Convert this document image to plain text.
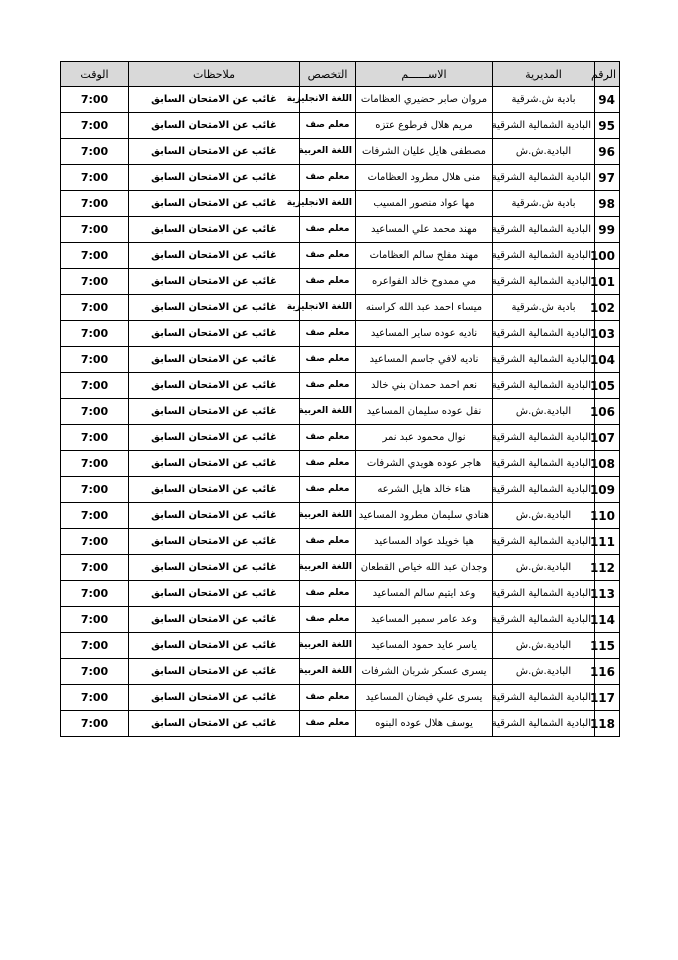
الرقم	المديرية	الاســــــم	التخصص	ملاحظات	الوقت
94	بادية ش.شرقية	مروان صابر حضيري العظامات	اللغة الانجليزية	غائب عن الامتحان السابق	7:00
95	البادية الشمالية الشرقية	مريم هلال فرطوع عتزه	معلم صف	غائب عن الامتحان السابق	7:00
96	البادية.ش.ش	مصطفى هايل عليان الشرفات	اللغة العربية	غائب عن الامتحان السابق	7:00
97	البادية الشمالية الشرقية	منى هلال مطرود العظامات	معلم صف	غائب عن الامتحان السابق	7:00
98	بادية ش.شرقية	مها عواد منصور المسيب	اللغة الانجليزية	غائب عن الامتحان السابق	7:00
99	البادية الشمالية الشرقية	مهند محمد علي المساعيد	معلم صف	غائب عن الامتحان السابق	7:00
100	البادية الشمالية الشرقية	مهند مفلح سالم العظامات	معلم صف	غائب عن الامتحان السابق	7:00
101	البادية الشمالية الشرقية	مي ممدوح خالد الفواعره	معلم صف	غائب عن الامتحان السابق	7:00
102	بادية ش.شرقية	ميساء احمد عبد الله كراسنه	اللغة الانجليزية	غائب عن الامتحان السابق	7:00
103	البادية الشمالية الشرقية	ناديه عوده ساير المساعيد	معلم صف	غائب عن الامتحان السابق	7:00
104	البادية الشمالية الشرقية	ناديه لافي جاسم المساعيد	معلم صف	غائب عن الامتحان السابق	7:00
105	البادية الشمالية الشرقية	نعم احمد حمدان بني خالد	معلم صف	غائب عن الامتحان السابق	7:00
106	البادية.ش.ش	نفل عوده سليمان المساعيد	اللغة العربية	غائب عن الامتحان السابق	7:00
107	البادية الشمالية الشرقية	نوال محمود عبد نمر	معلم صف	غائب عن الامتحان السابق	7:00
108	البادية الشمالية الشرقية	هاجر عوده هويدي الشرفات	معلم صف	غائب عن الامتحان السابق	7:00
109	البادية الشمالية الشرقية	هناء خالد هايل الشرعه	معلم صف	غائب عن الامتحان السابق	7:00
110	البادية.ش.ش	هنادي سليمان مطرود المساعيد	اللغة العربية	غائب عن الامتحان السابق	7:00
111	البادية الشمالية الشرقية	هيا خويلد عواد المساعيد	معلم صف	غائب عن الامتحان السابق	7:00
112	البادية.ش.ش	وجدان عبد الله خياص القطعان	اللغة العربية	غائب عن الامتحان السابق	7:00
113	البادية الشمالية الشرقية	وعد ايتيم سالم المساعيد	معلم صف	غائب عن الامتحان السابق	7:00
114	البادية الشمالية الشرقية	وعد عامر سمير المساعيد	معلم صف	غائب عن الامتحان السابق	7:00
115	البادية.ش.ش	ياسر عايد حمود المساعيد	اللغة العربية	غائب عن الامتحان السابق	7:00
116	البادية.ش.ش	يسرى عسكر شربان الشرفات	اللغة العربية	غائب عن الامتحان السابق	7:00
117	البادية الشمالية الشرقية	يسرى علي فيضان المساعيد	معلم صف	غائب عن الامتحان السابق	7:00
118	البادية الشمالية الشرقية	يوسف هلال عوده البنوه	معلم صف	غائب عن الامتحان السابق	7:00
